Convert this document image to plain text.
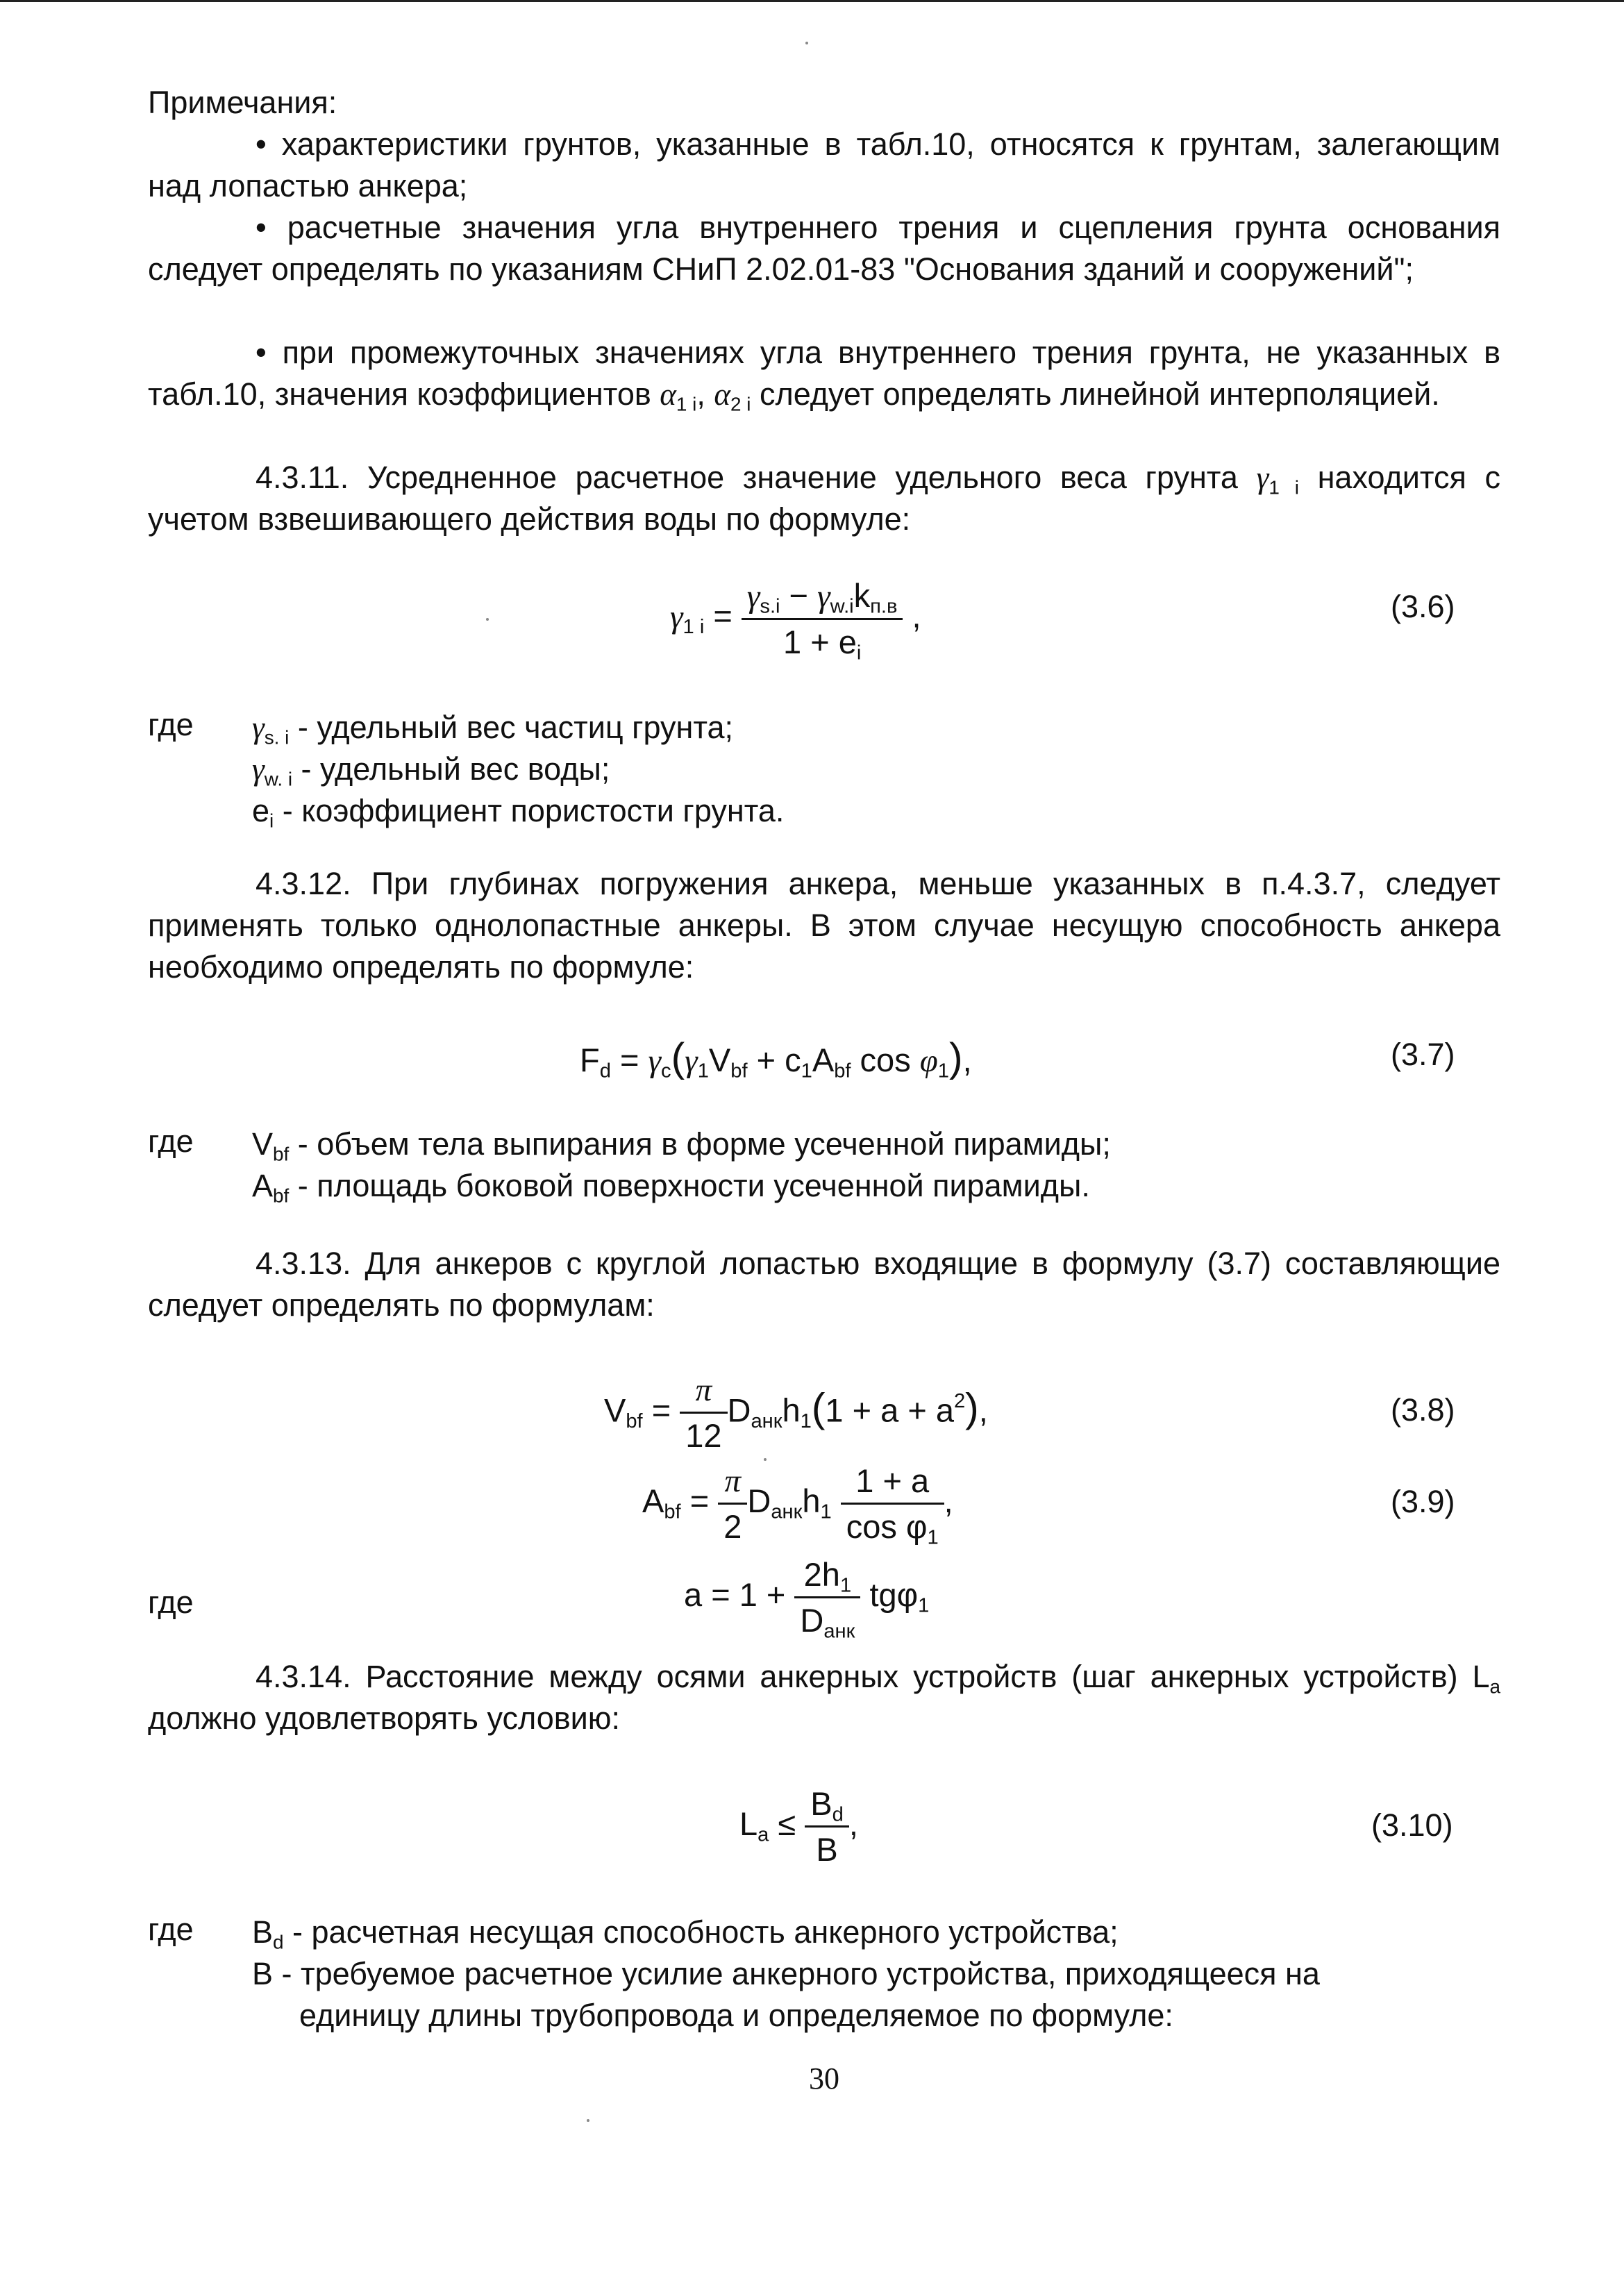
Примечания:
• характеристики грунтов, указанные в табл.10, относятся к грунтам, залегающим над лопастью анкера;
• расчетные значения угла внутреннего трения и сцепления грунта основания следует определять по указаниям СНиП 2.02.01-83 "Основания зданий и сооружений";
• при промежуточных значениях угла внутреннего трения грунта, не указанных в табл.10, значения коэффициентов $\alpha_{1 i}$, $\alpha_{2 i}$ следует определять линейной интерполяцией.
4.3.11. Усредненное расчетное значение удельного веса грунта $\gamma_{1 i}$ находится с учетом взвешивающего действия воды по формуле:
$\gamma_{1 i} = \frac{\gamma_{s.i} - \gamma_{w.i}k_{п.в}}{1 + e_i}$ ,	(3.6)
где $\gamma_{s. i}$ - удельный вес частиц грунта;
$\gamma_{w. i}$ - удельный вес воды;
$e_i$ - коэффициент пористости грунта.
4.3.12. При глубинах погружения анкера, меньше указанных в п.4.3.7, следует применять только однолопастные анкеры. В этом случае несущую способность анкера необходимо определять по формуле:
$F_d = \gamma_c(\gamma_1V_{bf} + c_1A_{bf}$ $\cos \varphi_1$),	(3.7)
где $V_{bf}$ - объем тела выпирания в форме усеченной пирамиды;
$A_{bf}$ - площадь боковой поверхности усеченной пирамиды.
4.3.13. Для анкеров с круглой лопастью входящие в формулу (3.7) составляющие следует определять по формулам:
$V_{bf} = \frac{\pi}{12} D_{анк}h_1(1 + a + a^2)$,	(3.8)
$A_{bf} = \frac{\pi}{2} D_{анк}h_1 \frac{1 + a}{\cos \varphi_1}$ ,	(3.9)
где	$a = 1 + \frac{2h_1}{D_{анк}} tg\varphi_1$
4.3.14. Расстояние между осями анкерных устройств (шаг анкерных устройств) $L_a$ должно удовлетворять условию:
$L_a \le \frac{B_d}{B}$ ,	(3.10)
где $B_d$ - расчетная несущая способность анкерного устройства;
B - требуемое расчетное усилие анкерного устройства, приходящееся на
единицу длины трубопровода и определяемое по формуле:
30
